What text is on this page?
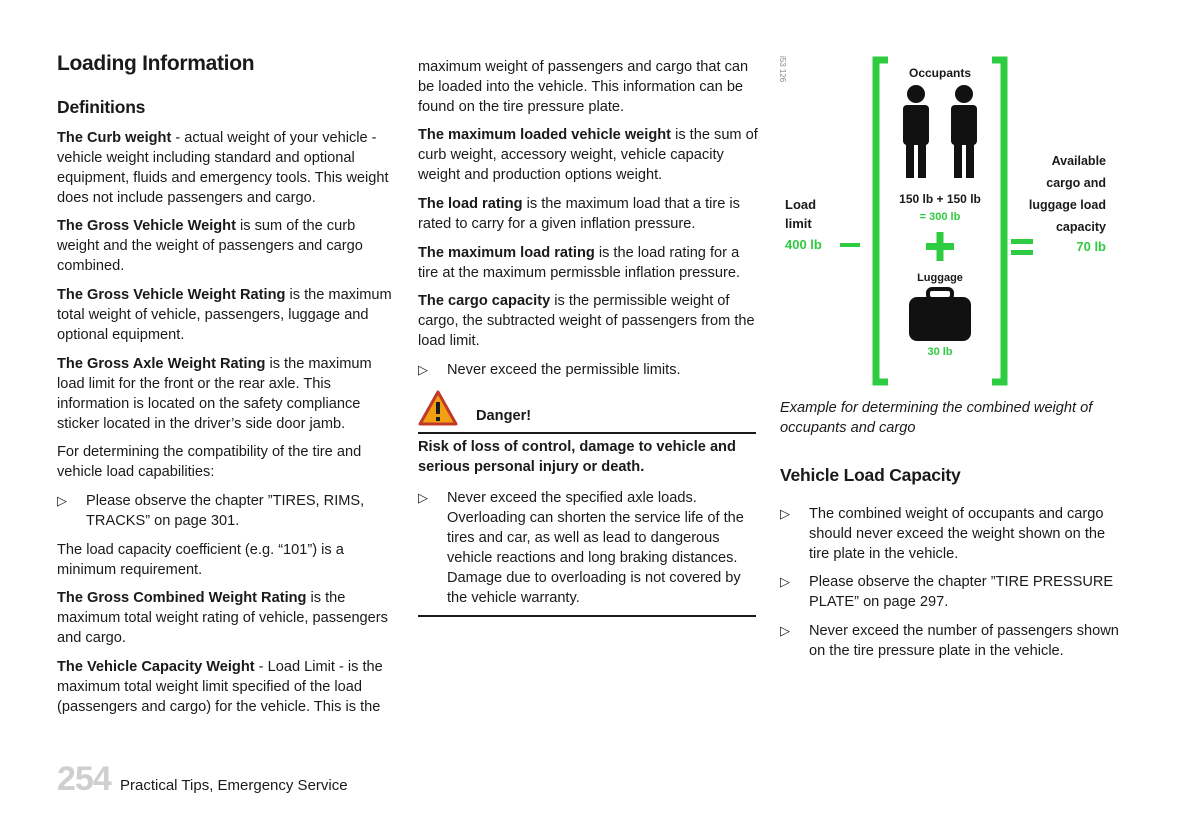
Loading Information
Definitions

The Curb weight - actual weight of your vehicle - vehicle weight including standard and optional equipment, fluids and emergency tools. This weight does not include passengers and cargo.

The Gross Vehicle Weight is sum of the curb weight and the weight of passengers and cargo combined.

The Gross Vehicle Weight Rating is the maximum total weight of vehicle, passengers, luggage and optional equipment.

The Gross Axle Weight Rating is the maximum load limit for the front or the rear axle. This information is located on the safety compliance sticker located in the driver’s side door jamb.

For determining the compatibility of the tire and vehicle load capabilities:

▷ Please observe the chapter ”TIRES, RIMS, TRACKS” on page 301.

The load capacity coefficient (e.g. “101”) is a minimum requirement.

The Gross Combined Weight Rating is the maximum total weight rating of vehicle, passengers and cargo.

The Vehicle Capacity Weight - Load Limit - is the maximum total weight limit specified of the load (passengers and cargo) for the vehicle. This is the

maximum weight of passengers and cargo that can be loaded into the vehicle. This information can be found on the tire pressure plate.

The maximum loaded vehicle weight is the sum of curb weight, accessory weight, vehicle capacity weight and production options weight.

The load rating is the maximum load that a tire is rated to carry for a given inflation pressure.

The maximum load rating is the load rating for a tire at the maximum permissble inflation pressure.

The cargo capacity is the permissible weight of cargo, the subtracted weight of passengers from the load limit.

▷ Never exceed the permissible limits.

Danger!

Risk of loss of control, damage to vehicle and serious personal injury or death.

▷ Never exceed the specified axle loads. Overloading can shorten the service life of the tires and car, as well as lead to dangerous vehicle reactions and long braking distances. Damage due to overloading is not covered by the vehicle warranty.

i53 126	Occupants
150 lb + 150 lb
= 300 lb
Luggage
30 lb
Load
limit
400 lb
Available
cargo and
luggage load
capacity
70 lb

Example for determining the combined weight of occupants and cargo

Vehicle Load Capacity
▷ The combined weight of occupants and cargo should never exceed the weight shown on the tire plate in the vehicle.

▷ Please observe the chapter ”TIRE PRESSURE PLATE” on page 297.

▷ Never exceed the number of passengers shown on the tire pressure plate in the vehicle.

254 Practical Tips, Emergency Service
